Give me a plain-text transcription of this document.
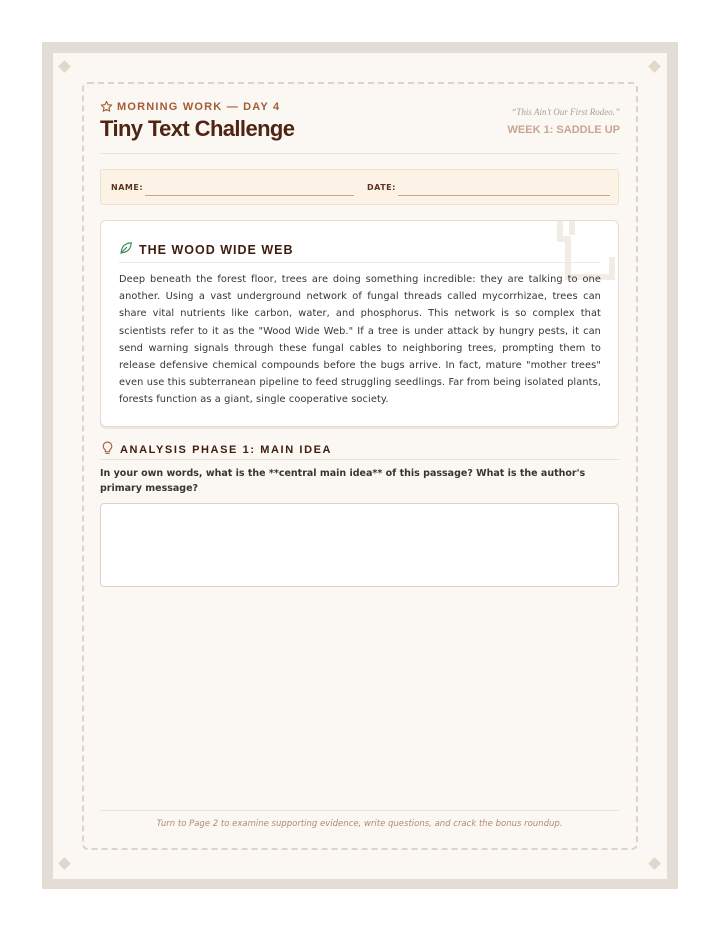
MORNING WORK — DAY 4
Tiny Text Challenge
“This Ain’t Our First Rodeo.”
WEEK 1: SADDLE UP
NAME:	DATE:
THE WOOD WIDE WEB

Deep beneath the forest floor, trees are doing something incredible: they are talking to one another. Using a vast underground network of fungal threads called mycorrhizae, trees can share vital nutrients like carbon, water, and phosphorus. This network is so complex that scientists refer to it as the "Wood Wide Web." If a tree is under attack by hungry pests, it can send warning signals through these fungal cables to neighboring trees, prompting them to release defensive chemical compounds before the bugs arrive. In fact, mature "mother trees" even use this subterranean pipeline to feed struggling seedlings. Far from being isolated plants, forests function as a giant, single cooperative society.

ANALYSIS PHASE 1: MAIN IDEA

In your own words, what is the **central main idea** of this passage? What is the author's primary message?

Turn to Page 2 to examine supporting evidence, write questions, and crack the bonus roundup.
